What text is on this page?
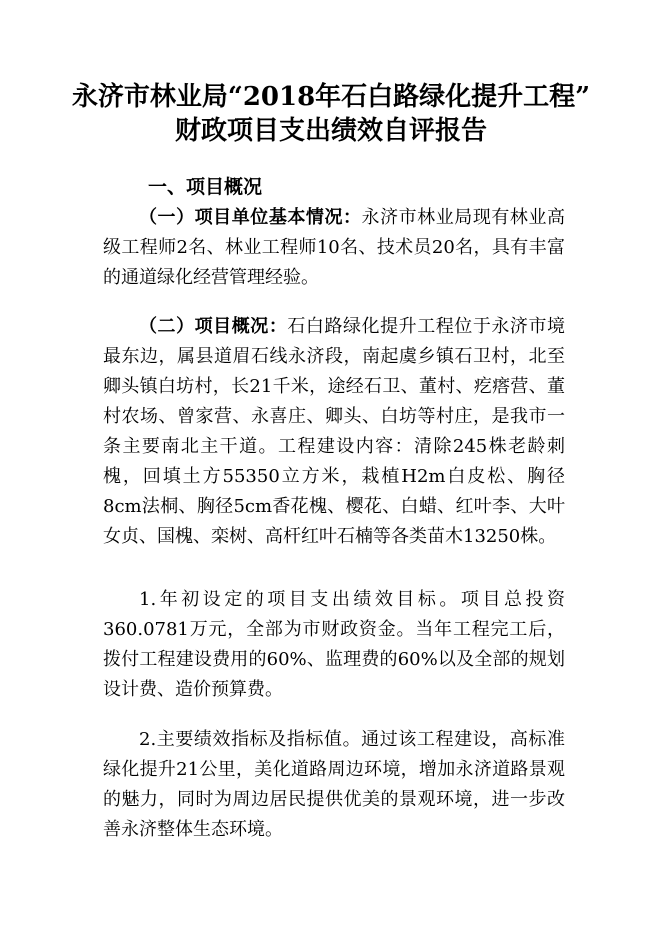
永济市林业局“2018年石白路绿化提升工程”
财政项目支出绩效自评报告
一、项目概况

（一）项目单位基本情况：永济市林业局现有林业高级工程师2名、林业工程师10名、技术员20名，具有丰富的通道绿化经营管理经验。

（二）项目概况：石白路绿化提升工程位于永济市境最东边，属县道眉石线永济段，南起虞乡镇石卫村，北至卿头镇白坊村，长21千米，途经石卫、董村、疙瘩营、董村农场、曾家营、永喜庄、卿头、白坊等村庄，是我市一条主要南北主干道。工程建设内容：清除245株老龄刺槐，回填土方55350立方米，栽植H2m白皮松、胸径8cm法桐、胸径5cm香花槐、樱花、白蜡、红叶李、大叶女贞、国槐、栾树、高杆红叶石楠等各类苗木13250株。

1.年初设定的项目支出绩效目标。项目总投资360.0781万元，全部为市财政资金。当年工程完工后，拨付工程建设费用的60%、监理费的60%以及全部的规划设计费、造价预算费。

2.主要绩效指标及指标值。通过该工程建设，高标准绿化提升21公里，美化道路周边环境，增加永济道路景观的魅力，同时为周边居民提供优美的景观环境，进一步改善永济整体生态环境。
